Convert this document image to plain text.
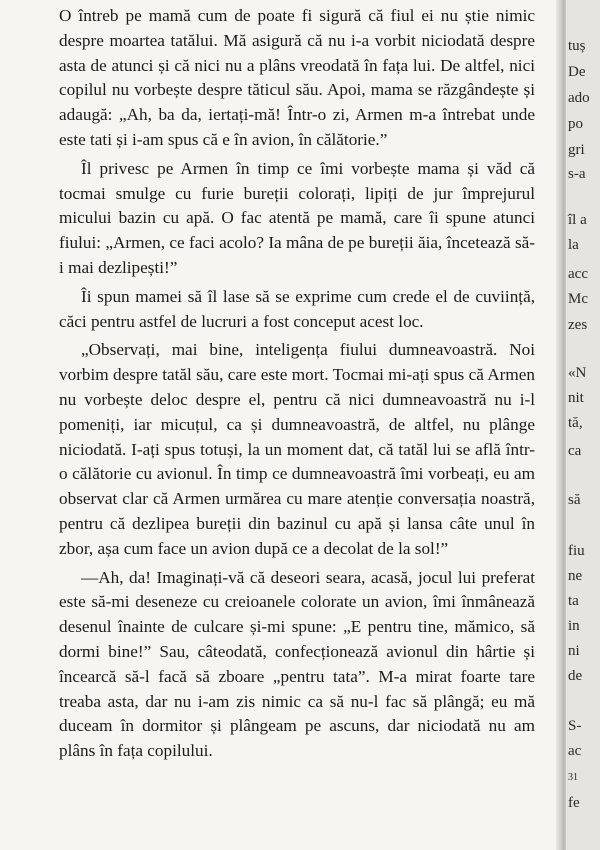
O întreb pe mamă cum de poate fi sigură că fiul ei nu știe nimic despre moartea tatălui. Mă asigură că nu i-a vorbit niciodată despre asta de atunci și că nici nu a plâns vreodată în fața lui. De altfel, nici copilul nu vorbește despre tăticul său. Apoi, mama se răzgândește și adaugă: „Ah, ba da, iertați-mă! Într-o zi, Armen m-a întrebat unde este tati și i-am spus că e în avion, în călătorie.”

Îl privesc pe Armen în timp ce îmi vorbește mama și văd că tocmai smulge cu furie bureții colorați, lipiți de jur împrejurul micului bazin cu apă. O fac atentă pe mamă, care îi spune atunci fiului: „Armen, ce faci acolo? Ia mâna de pe bureții ăia, încetează să-i mai dezlipești!”

Îi spun mamei să îl lase să se exprime cum crede el de cuviință, căci pentru astfel de lucruri a fost conceput acest loc.

„Observați, mai bine, inteligența fiului dumneavoastră. Noi vorbim despre tatăl său, care este mort. Tocmai mi-ați spus că Armen nu vorbește deloc despre el, pentru că nici dumneavoastră nu i-l pomeniți, iar micuțul, ca și dumneavoastră, de altfel, nu plânge niciodată. I-ați spus totuși, la un moment dat, că tatăl lui se află într-o călătorie cu avionul. În timp ce dumneavoastră îmi vorbeați, eu am observat clar că Armen urmărea cu mare atenție conversația noastră, pentru că dezlipea bureții din bazinul cu apă și lansa câte unul în zbor, așa cum face un avion după ce a decolat de la sol!”

—Ah, da! Imaginați-vă că deseori seara, acasă, jocul lui preferat este să-mi deseneze cu creioanele colorate un avion, îmi înmânează desenul înainte de culcare și-mi spune: „E pentru tine, mămico, să dormi bine!” Sau, câteodată, confecționează avionul din hârtie și încearcă să-l facă să zboare „pentru tata”. M-a mirat foarte tare treaba asta, dar nu i-am zis nimic ca să nu-l fac să plângă; eu mă duceam în dormitor și plângeam pe ascuns, dar niciodată nu am plâns în fața copilului.

tuș
De
ado
po
gri
s-a
îl a
la
acc
Mc
zes
«N
nit
tă,
ca
să
fiu
ne
ta
in
ni
de
S-
ac
31
fe
